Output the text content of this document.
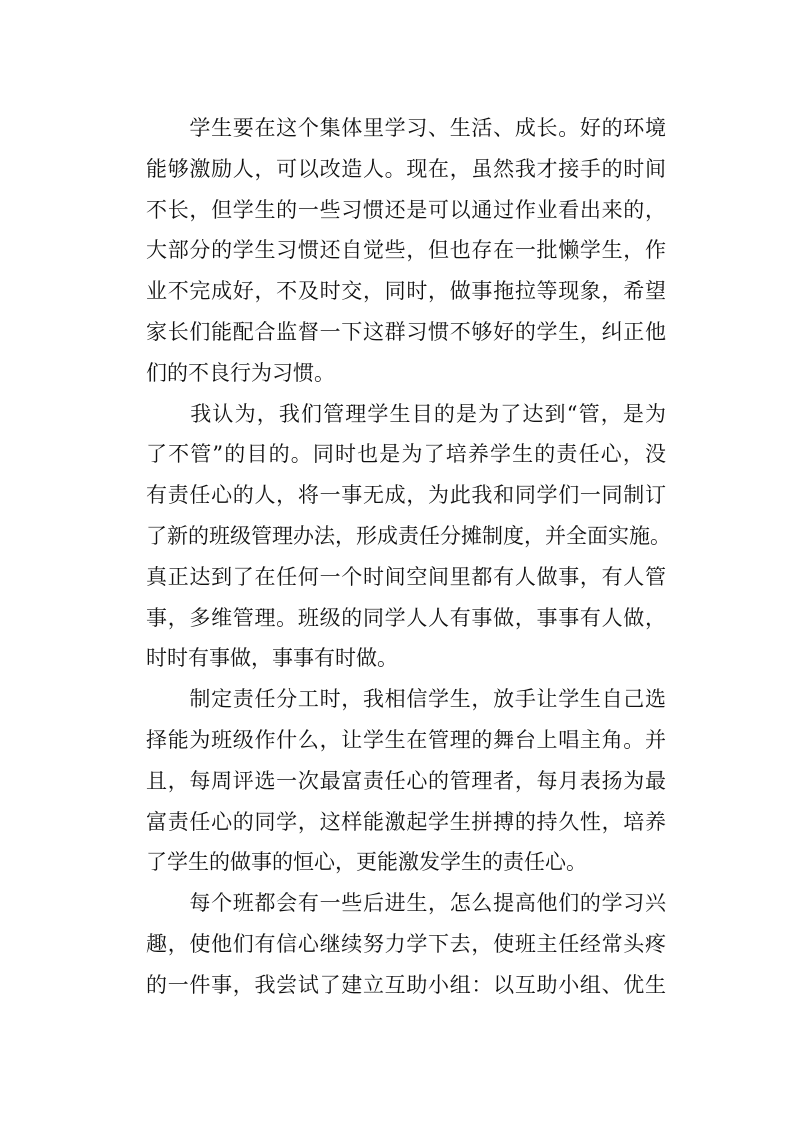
　　学生要在这个集体里学习、生活、成长。好的环境
能够激励人，可以改造人。现在，虽然我才接手的时间
不长，但学生的一些习惯还是可以通过作业看出来的，
大部分的学生习惯还自觉些，但也存在一批懒学生，作
业不完成好，不及时交，同时，做事拖拉等现象，希望
家长们能配合监督一下这群习惯不够好的学生，纠正他
们的不良行为习惯。
　　我认为，我们管理学生目的是为了达到“管，是为
了不管”的目的。同时也是为了培养学生的责任心，没
有责任心的人，将一事无成，为此我和同学们一同制订
了新的班级管理办法，形成责任分摊制度，并全面实施。
真正达到了在任何一个时间空间里都有人做事，有人管
事，多维管理。班级的同学人人有事做，事事有人做，
时时有事做，事事有时做。
　　制定责任分工时，我相信学生，放手让学生自己选
择能为班级作什么，让学生在管理的舞台上唱主角。并
且，每周评选一次最富责任心的管理者，每月表扬为最
富责任心的同学，这样能激起学生拼搏的持久性，培养
了学生的做事的恒心，更能激发学生的责任心。
　　每个班都会有一些后进生，怎么提高他们的学习兴
趣，使他们有信心继续努力学下去，使班主任经常头疼
的一件事，我尝试了建立互助小组：以互助小组、优生
